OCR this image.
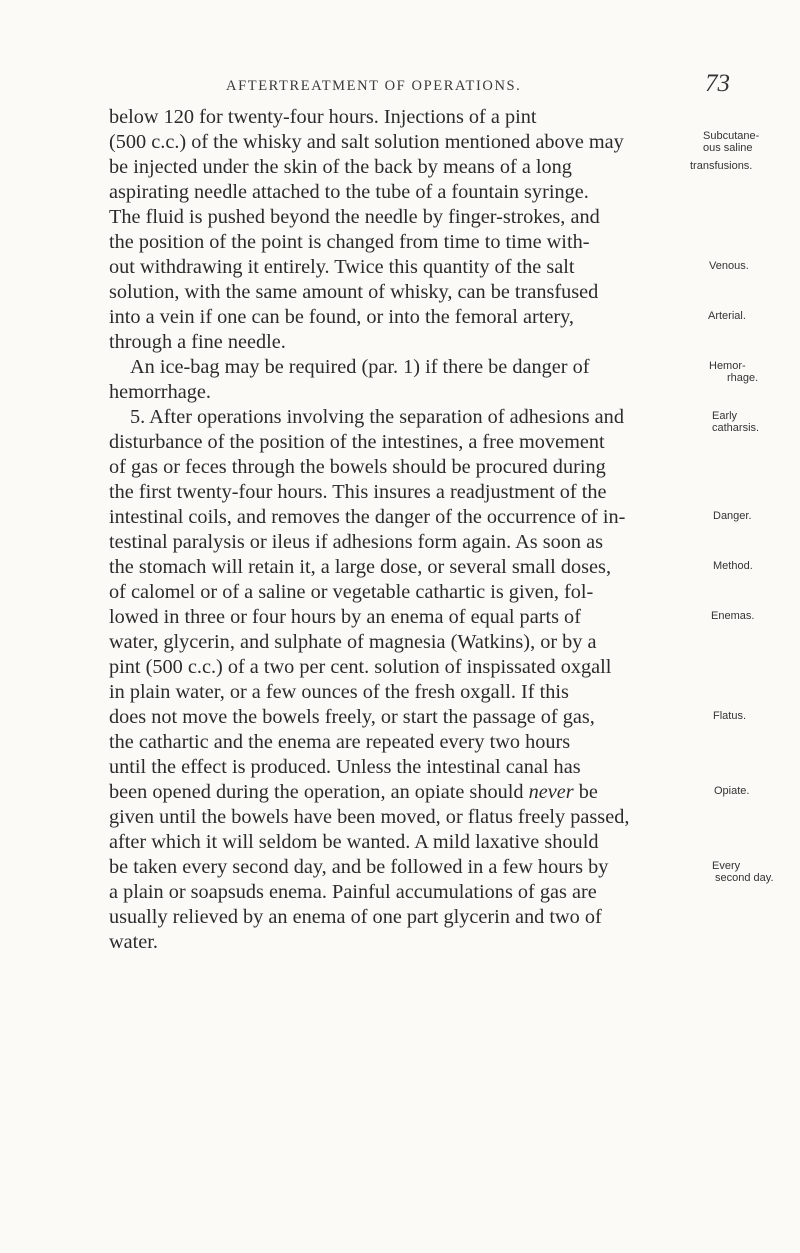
AFTERTREATMENT OF OPERATIONS.	73
below 120 for twenty-four hours. Injections of a pint
(500 c.c.) of the whisky and salt solution mentioned above may
be injected under the skin of the back by means of a long
aspirating needle attached to the tube of a fountain syringe.
The fluid is pushed beyond the needle by finger-strokes, and
the position of the point is changed from time to time with-
out withdrawing it entirely. Twice this quantity of the salt
solution, with the same amount of whisky, can be transfused
into a vein if one can be found, or into the femoral artery,
through a fine needle.
An ice-bag may be required (par. 1) if there be danger of
hemorrhage.
5. After operations involving the separation of adhesions and
disturbance of the position of the intestines, a free movement
of gas or feces through the bowels should be procured during
the first twenty-four hours. This insures a readjustment of the
intestinal coils, and removes the danger of the occurrence of in-
testinal paralysis or ileus if adhesions form again. As soon as
the stomach will retain it, a large dose, or several small doses,
of calomel or of a saline or vegetable cathartic is given, fol-
lowed in three or four hours by an enema of equal parts of
water, glycerin, and sulphate of magnesia (Watkins), or by a
pint (500 c.c.) of a two per cent. solution of inspissated oxgall
in plain water, or a few ounces of the fresh oxgall. If this
does not move the bowels freely, or start the passage of gas,
the cathartic and the enema are repeated every two hours
until the effect is produced. Unless the intestinal canal has
been opened during the operation, an opiate should never be
given until the bowels have been moved, or flatus freely passed,
after which it will seldom be wanted. A mild laxative should
be taken every second day, and be followed in a few hours by
a plain or soapsuds enema. Painful accumulations of gas are
usually relieved by an enema of one part glycerin and two of
water.
Subcutane-
ous saline
transfusions.
Venous.
Arterial.
Hemor-
rhage.
Early
catharsis.
Danger.
Method.
Enemas.
Flatus.
Opiate.
Every
second day.
